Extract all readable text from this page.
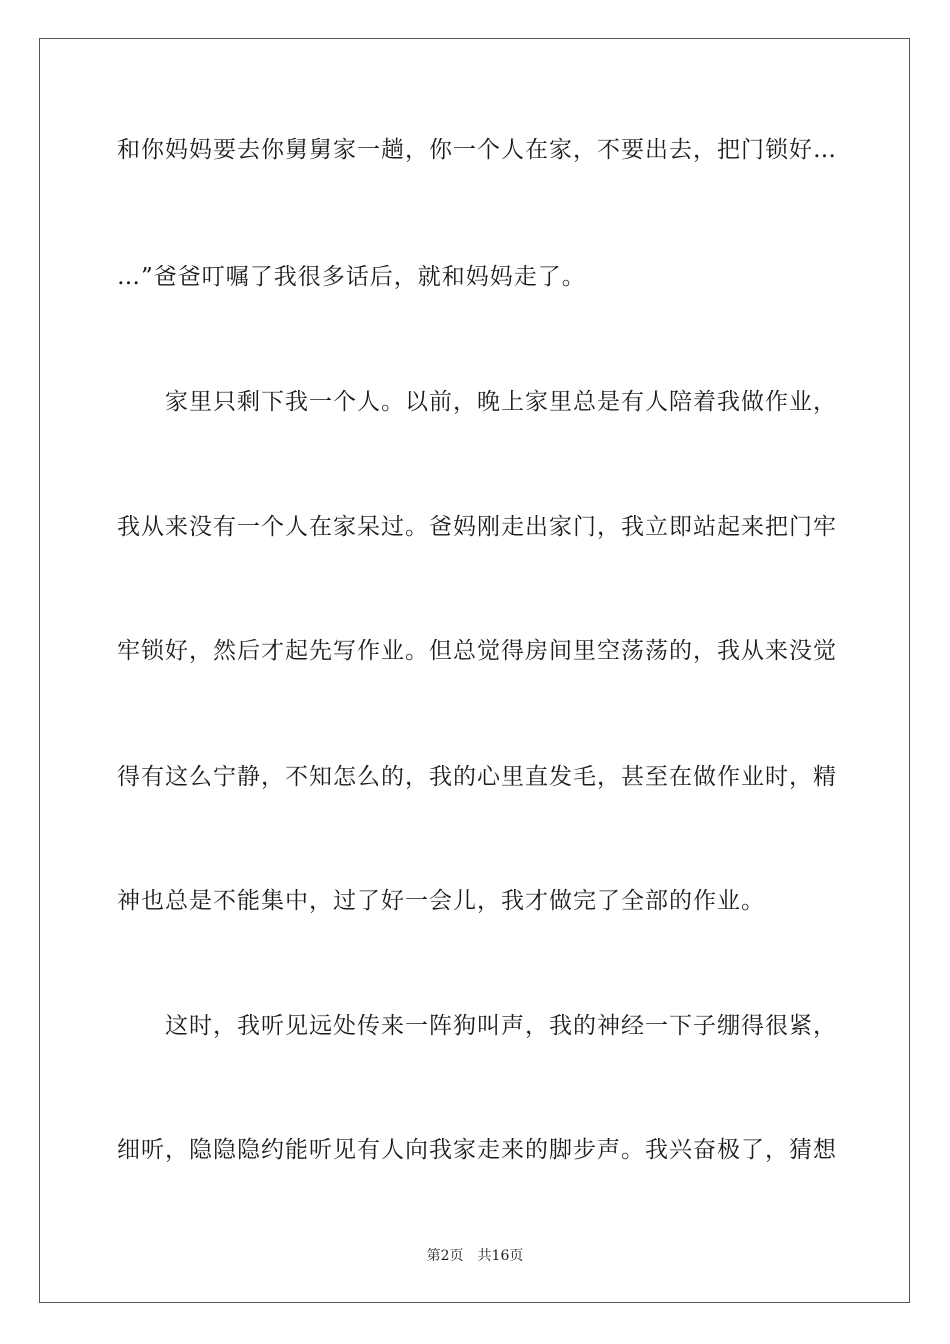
和你妈妈要去你舅舅家一趟，你一个人在家，不要出去，把门锁好…
…”爸爸叮嘱了我很多话后，就和妈妈走了。
　　家里只剩下我一个人。以前，晚上家里总是有人陪着我做作业，
我从来没有一个人在家呆过。爸妈刚走出家门，我立即站起来把门牢
牢锁好，然后才起先写作业。但总觉得房间里空荡荡的，我从来没觉
得有这么宁静，不知怎么的，我的心里直发毛，甚至在做作业时，精
神也总是不能集中，过了好一会儿，我才做完了全部的作业。
　　这时，我听见远处传来一阵狗叫声，我的神经一下子绷得很紧，
细听，隐隐隐约能听见有人向我家走来的脚步声。我兴奋极了，猜想
第2页 共16页
